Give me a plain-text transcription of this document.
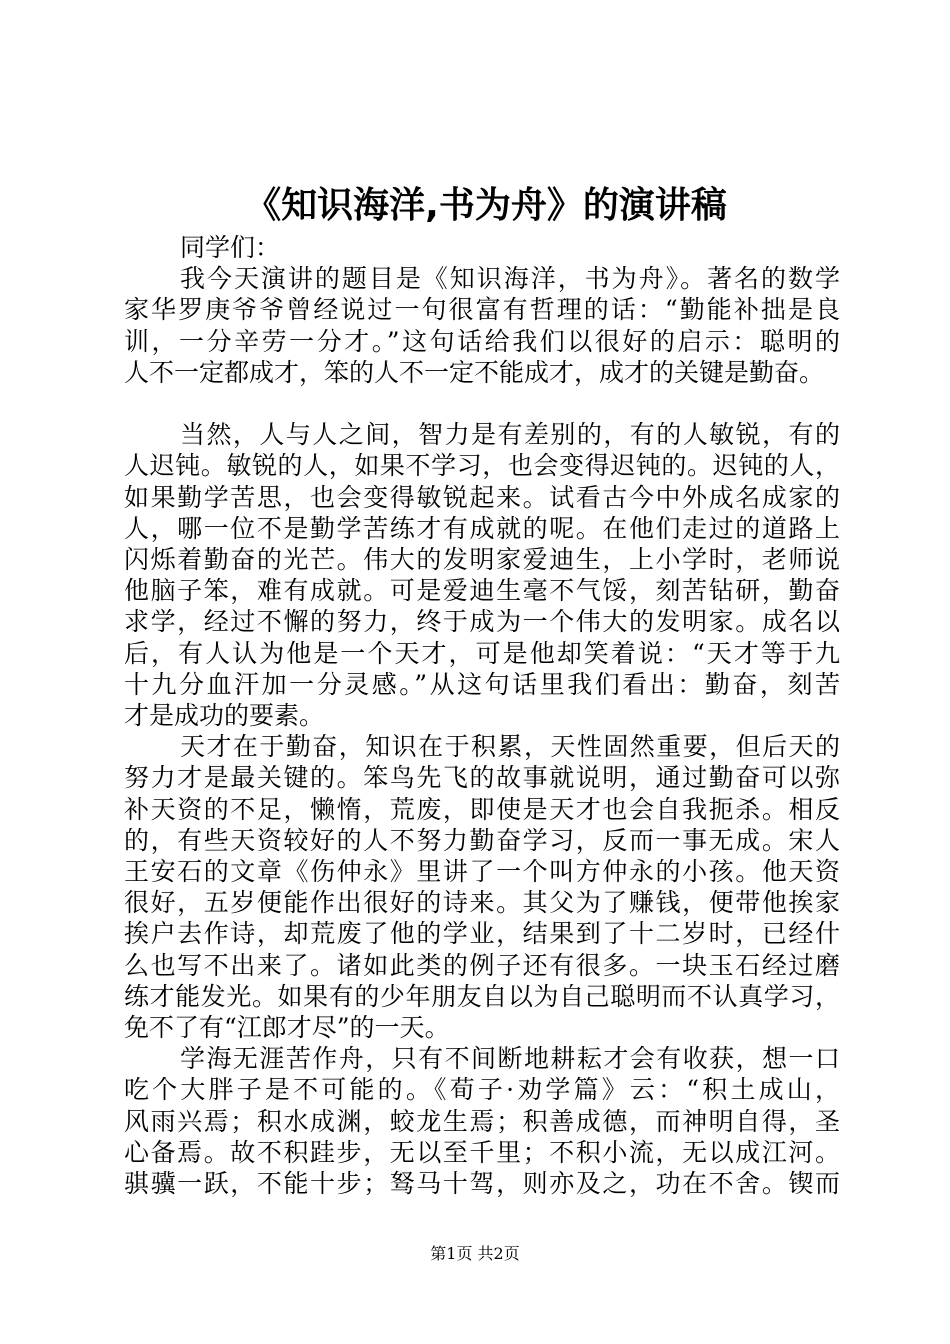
《知识海洋,书为舟》的演讲稿

同学们：

我今天演讲的题目是《知识海洋，书为舟》。著名的数学
家华罗庚爷爷曾经说过一句很富有哲理的话：“勤能补拙是良
训，一分辛劳一分才。”这句话给我们以很好的启示：聪明的
人不一定都成才，笨的人不一定不能成才，成才的关键是勤奋。
当然，人与人之间，智力是有差别的，有的人敏锐，有的
人迟钝。敏锐的人，如果不学习，也会变得迟钝的。迟钝的人，
如果勤学苦思，也会变得敏锐起来。试看古今中外成名成家的
人，哪一位不是勤学苦练才有成就的呢。在他们走过的道路上
闪烁着勤奋的光芒。伟大的发明家爱迪生，上小学时，老师说
他脑子笨，难有成就。可是爱迪生毫不气馁，刻苦钻研，勤奋
求学，经过不懈的努力，终于成为一个伟大的发明家。成名以
后，有人认为他是一个天才，可是他却笑着说：“天才等于九
十九分血汗加一分灵感。”从这句话里我们看出：勤奋，刻苦
才是成功的要素。
天才在于勤奋，知识在于积累，天性固然重要，但后天的
努力才是最关键的。笨鸟先飞的故事就说明，通过勤奋可以弥
补天资的不足，懒惰，荒废，即使是天才也会自我扼杀。相反
的，有些天资较好的人不努力勤奋学习，反而一事无成。宋人
王安石的文章《伤仲永》里讲了一个叫方仲永的小孩。他天资
很好，五岁便能作出很好的诗来。其父为了赚钱，便带他挨家
挨户去作诗，却荒废了他的学业，结果到了十二岁时，已经什
么也写不出来了。诸如此类的例子还有很多。一块玉石经过磨
练才能发光。如果有的少年朋友自以为自己聪明而不认真学习，
免不了有“江郎才尽”的一天。
学海无涯苦作舟，只有不间断地耕耘才会有收获，想一口
吃个大胖子是不可能的。《荀子·劝学篇》云：“积土成山，
风雨兴焉；积水成渊，蛟龙生焉；积善成德，而神明自得，圣
心备焉。故不积跬步，无以至千里；不积小流，无以成江河。
骐骥一跃，不能十步；驽马十驾，则亦及之，功在不舍。锲而
第1页 共2页
